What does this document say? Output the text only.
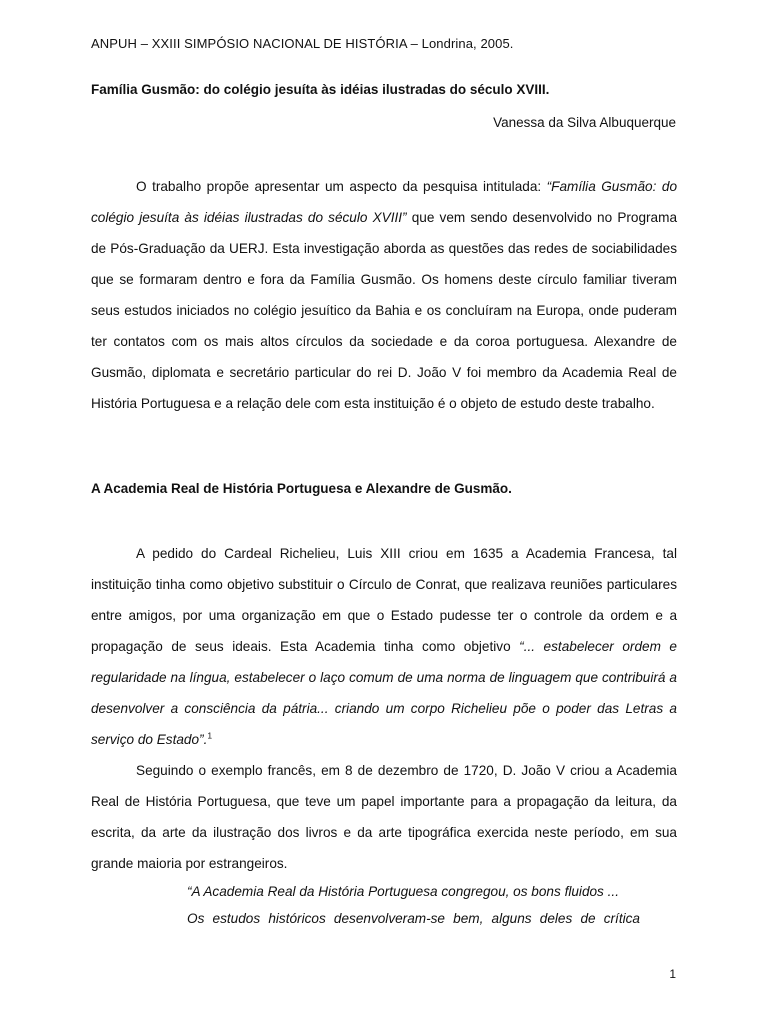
ANPUH – XXIII SIMPÓSIO NACIONAL DE HISTÓRIA – Londrina, 2005.
Família Gusmão: do colégio jesuíta às idéias ilustradas do século XVIII.
Vanessa da Silva Albuquerque

O trabalho propõe apresentar um aspecto da pesquisa intitulada: “Família Gusmão: do colégio jesuíta às idéias ilustradas do século XVIII” que vem sendo desenvolvido no Programa de Pós-Graduação da UERJ. Esta investigação aborda as questões das redes de sociabilidades que se formaram dentro e fora da Família Gusmão. Os homens deste círculo familiar tiveram seus estudos iniciados no colégio jesuítico da Bahia e os concluíram na Europa, onde puderam ter contatos com os mais altos círculos da sociedade e da coroa portuguesa. Alexandre de Gusmão, diplomata e secretário particular do rei D. João V foi membro da Academia Real de História Portuguesa e a relação dele com esta instituição é o objeto de estudo deste trabalho.

A Academia Real de História Portuguesa e Alexandre de Gusmão.

A pedido do Cardeal Richelieu, Luis XIII criou em 1635 a Academia Francesa, tal instituição tinha como objetivo substituir o Círculo de Conrat, que realizava reuniões particulares entre amigos, por uma organização em que o Estado pudesse ter o controle da ordem e a propagação de seus ideais. Esta Academia tinha como objetivo “... estabelecer ordem e regularidade na língua, estabelecer o laço comum de uma norma de linguagem que contribuirá a desenvolver a consciência da pátria... criando um corpo Richelieu põe o poder das Letras a serviço do Estado”.$^1$

Seguindo o exemplo francês, em 8 de dezembro de 1720, D. João V criou a Academia Real de História Portuguesa, que teve um papel importante para a propagação da leitura, da escrita, da arte da ilustração dos livros e da arte tipográfica exercida neste período, em sua grande maioria por estrangeiros.

“A Academia Real da História Portuguesa congregou, os bons fluidos ...
Os estudos históricos desenvolveram-se bem, alguns deles de crítica
1
